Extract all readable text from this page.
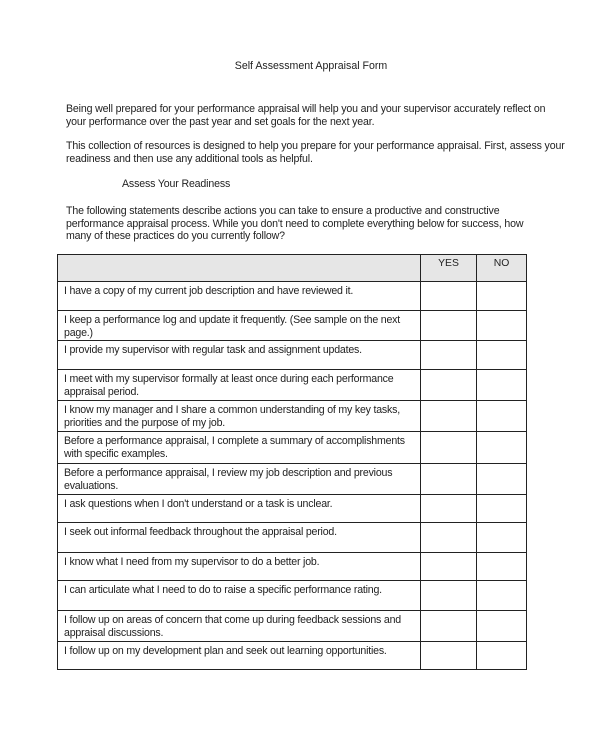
Self Assessment Appraisal Form
Being well prepared for your performance appraisal will help you and your supervisor accurately reflect on your performance over the past year and set goals for the next year.
This collection of resources is designed to help you prepare for your performance appraisal. First, assess your readiness and then use any additional tools as helpful.
Assess Your Readiness
The following statements describe actions you can take to ensure a productive and constructive performance appraisal process. While you don't need to complete everything below for success, how many of these practices do you currently follow?
	YES	NO
I have a copy of my current job description and have reviewed it.		
I keep a performance log and update it frequently. (See sample on the next page.)		
I provide my supervisor with regular task and assignment updates.		
I meet with my supervisor formally at least once during each performance appraisal period.		
I know my manager and I share a common understanding of my key tasks, priorities and the purpose of my job.		
Before a performance appraisal, I complete a summary of accomplishments with specific examples.		
Before a performance appraisal, I review my job description and previous evaluations.		
I ask questions when I don't understand or a task is unclear.		
I seek out informal feedback throughout the appraisal period.		
I know what I need from my supervisor to do a better job.		
I can articulate what I need to do to raise a specific performance rating.		
I follow up on areas of concern that come up during feedback sessions and appraisal discussions.		
I follow up on my development plan and seek out learning opportunities.		
